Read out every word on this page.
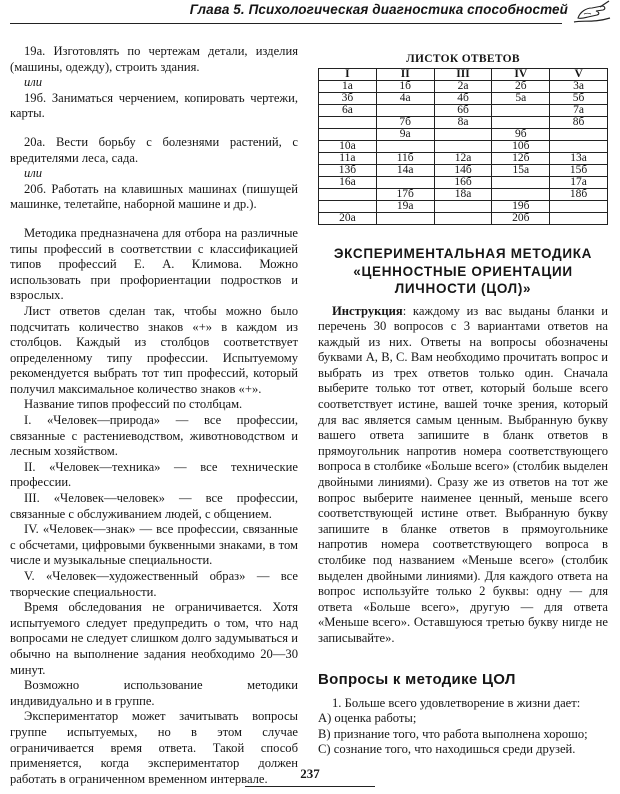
Глава 5. Психологическая диагностика способностей

19а. Изготовлять по чертежам детали, изделия (машины, одежду), строить здания.

или

19б. Заниматься черчением, копировать чертежи, карты.

20а. Вести борьбу с болезнями растений, с вредителями леса, сада.

или

20б. Работать на клавишных машинах (пишущей машинке, телетайпе, наборной машине и др.).

Методика предназначена для отбора на различные типы профессий в соответствии с классификацией типов профессий Е. А. Климова. Можно использовать при профориентации подростков и взрослых.

Лист ответов сделан так, чтобы можно было подсчитать количество знаков «+» в каждом из столбцов. Каждый из столбцов соответствует определенному типу профессии. Испытуемому рекомендуется выбрать тот тип профессий, который получил максимальное количество знаков «+».

Название типов профессий по столбцам.

I. «Человек—природа» — все профессии, связанные с растениеводством, животноводством и лесным хозяйством.

II. «Человек—техника» — все технические профессии.

III. «Человек—человек» — все профессии, связанные с обслуживанием людей, с общением.

IV. «Человек—знак» — все профессии, связанные с обсчетами, цифровыми буквенными знаками, в том числе и музыкальные специальности.

V. «Человек—художественный образ» — все творческие специальности.

Время обследования не ограничивается. Хотя испытуемого следует предупредить о том, что над вопросами не следует слишком долго задумываться и обычно на выполнение задания необходимо 20—30 минут.

Возможно использование методики индивидуально и в группе.

Экспериментатор может зачитывать вопросы группе испытуемых, но в этом случае ограничивается время ответа. Такой способ применяется, когда экспериментатор должен работать в ограниченном временном интервале.

ЛИСТОК ОТВЕТОВ
I	II	III	IV	V
1а	1б	2а	2б	3а
3б	4а	4б	5а	5б
6а		6б		7а
	7б	8а		8б
	9а		9б	
10а			10б	
11а	11б	12а	12б	13а
13б	14а	14б	15а	15б
16а		16б		17а
	17б	18а		18б
	19а		19б	
20а			20б	
ЭКСПЕРИМЕНТАЛЬНАЯ МЕТОДИКА
«ЦЕННОСТНЫЕ ОРИЕНТАЦИИ
ЛИЧНОСТИ (ЦОЛ)»

Инструкция: каждому из вас выданы бланки и перечень 30 вопросов с 3 вариантами ответов на каждый из них. Ответы на вопросы обозначены буквами А, В, С. Вам необходимо прочитать вопрос и выбрать из трех ответов только один. Сначала выберите только тот ответ, который больше всего соответствует истине, вашей точке зрения, который для вас является самым ценным. Выбранную букву вашего ответа запишите в бланк ответов в прямоугольник напротив номера соответствующего вопроса в столбике «Больше всего» (столбик выделен двойными линиями). Сразу же из ответов на тот же вопрос выберите наименее ценный, меньше всего соответствующей истине ответ. Выбранную букву запишите в бланке ответов в прямоугольнике напротив номера соответствующего вопроса в столбике под названием «Меньше всего» (столбик выделен двойными линиями). Для каждого ответа на вопрос используйте только 2 буквы: одну — для ответа «Больше всего», другую — для ответа «Меньше всего». Оставшуюся третью букву нигде не записывайте».

Вопросы к методике ЦОЛ

1. Больше всего удовлетворение в жизни дает:

А) оценка работы;

В) признание того, что работа выполнена хорошо;

С) сознание того, что находишься среди друзей.

237
